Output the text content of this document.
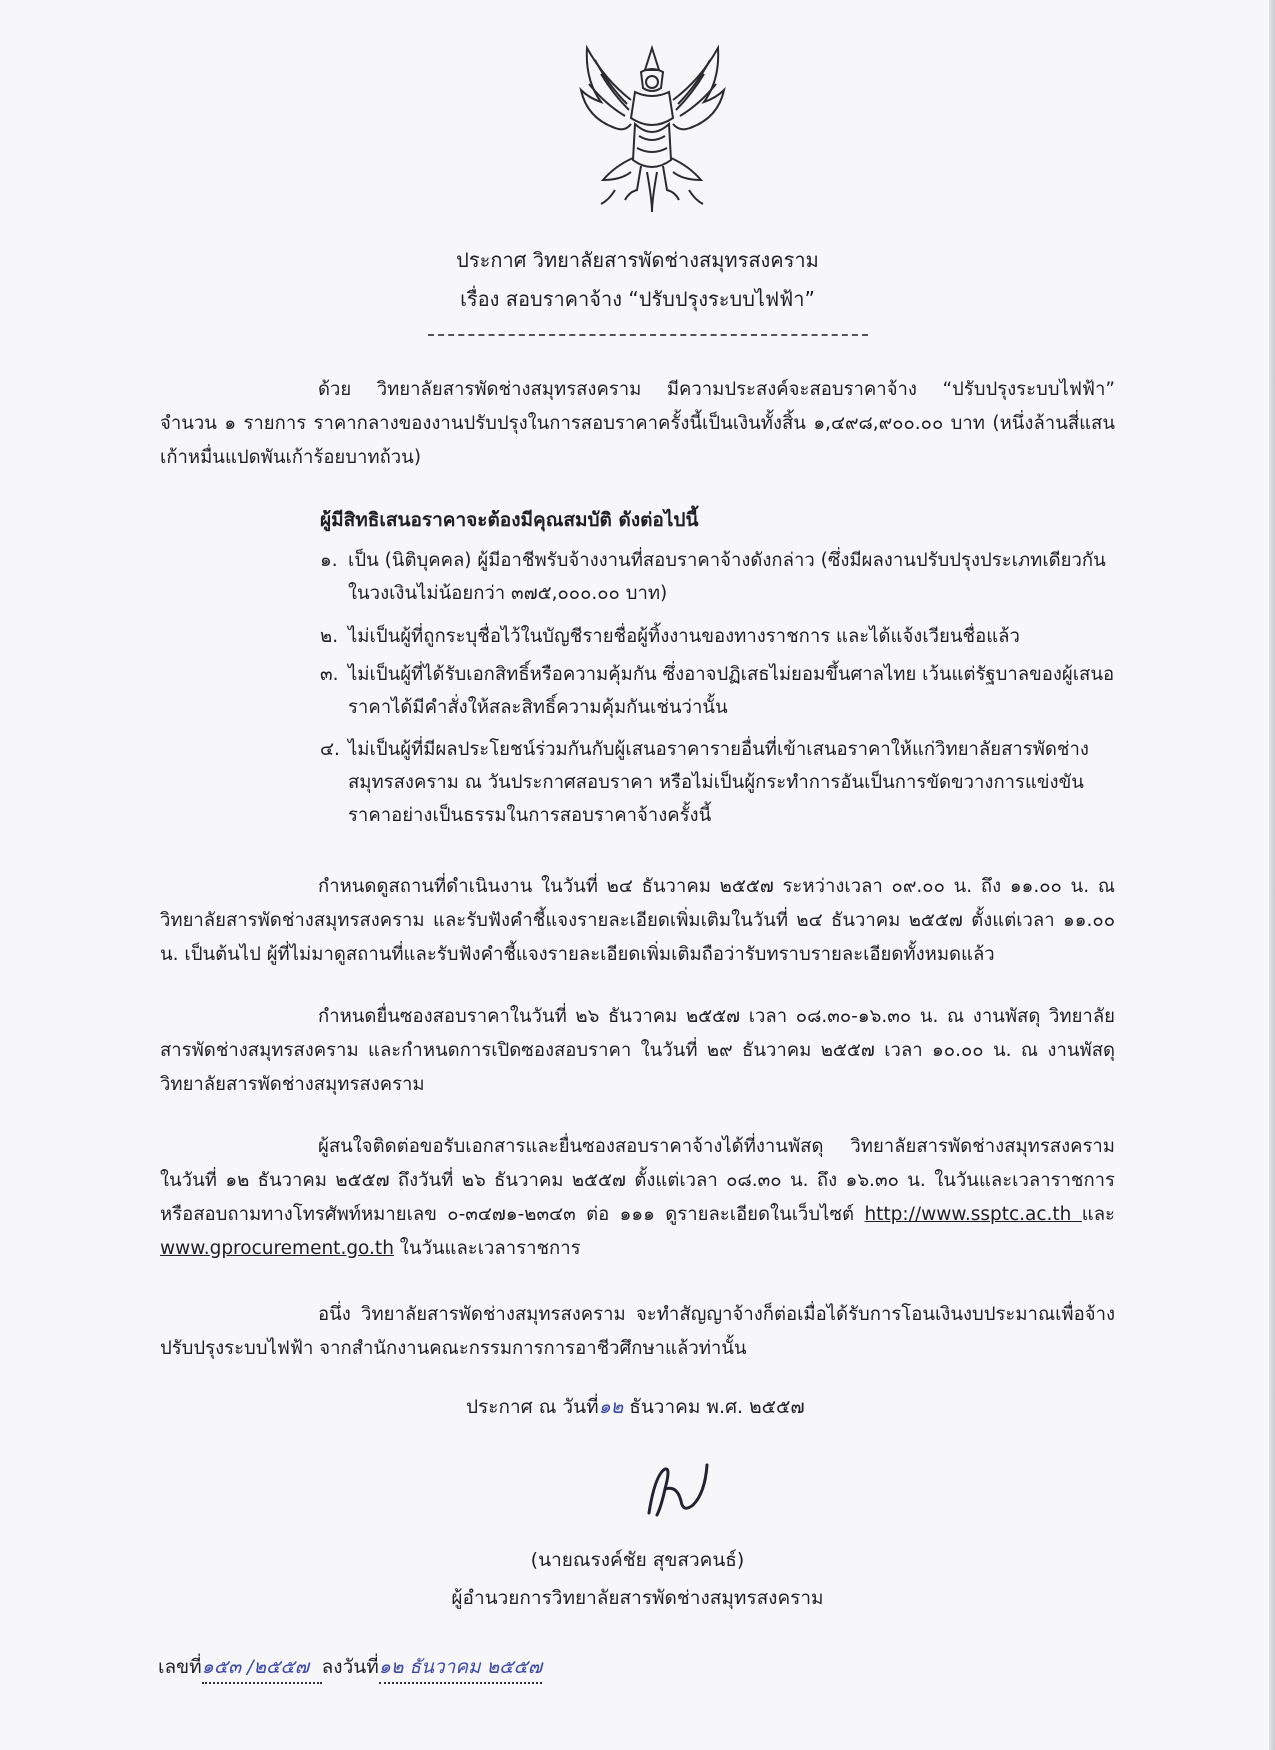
ประกาศ วิทยาลัยสารพัดช่างสมุทรสงคราม
เรื่อง สอบราคาจ้าง “ปรับปรุงระบบไฟฟ้า”
ด้วย วิทยาลัยสารพัดช่างสมุทรสงคราม มีความประสงค์จะสอบราคาจ้าง “ปรับปรุงระบบไฟฟ้า” จำนวน ๑ รายการ ราคากลางของงานปรับปรุงในการสอบราคาครั้งนี้เป็นเงินทั้งสิ้น ๑,๔๙๘,๙๐๐.๐๐ บาท (หนึ่งล้านสี่แสนเก้าหมื่นแปดพันเก้าร้อยบาทถ้วน)
ผู้มีสิทธิเสนอราคาจะต้องมีคุณสมบัติ ดังต่อไปนี้
๑. เป็น (นิติบุคคล) ผู้มีอาชีพรับจ้างงานที่สอบราคาจ้างดังกล่าว (ซึ่งมีผลงานปรับปรุงประเภทเดียวกันในวงเงินไม่น้อยกว่า ๓๗๕,๐๐๐.๐๐ บาท)
๒. ไม่เป็นผู้ที่ถูกระบุชื่อไว้ในบัญชีรายชื่อผู้ทิ้งงานของทางราชการ และได้แจ้งเวียนชื่อแล้ว
๓. ไม่เป็นผู้ที่ได้รับเอกสิทธิ์หรือความคุ้มกัน ซึ่งอาจปฏิเสธไม่ยอมขึ้นศาลไทย เว้นแต่รัฐบาลของผู้เสนอราคาได้มีคำสั่งให้สละสิทธิ์ความคุ้มกันเช่นว่านั้น
๔. ไม่เป็นผู้ที่มีผลประโยชน์ร่วมกันกับผู้เสนอราคารายอื่นที่เข้าเสนอราคาให้แก่วิทยาลัยสารพัดช่างสมุทรสงคราม ณ วันประกาศสอบราคา หรือไม่เป็นผู้กระทำการอันเป็นการขัดขวางการแข่งขันราคาอย่างเป็นธรรมในการสอบราคาจ้างครั้งนี้
กำหนดดูสถานที่ดำเนินงาน ในวันที่ ๒๔ ธันวาคม ๒๕๕๗ ระหว่างเวลา ๐๙.๐๐ น. ถึง ๑๑.๐๐ น. ณ วิทยาลัยสารพัดช่างสมุทรสงคราม และรับฟังคำชี้แจงรายละเอียดเพิ่มเติมในวันที่ ๒๔ ธันวาคม ๒๕๕๗ ตั้งแต่เวลา ๑๑.๐๐ น. เป็นต้นไป ผู้ที่ไม่มาดูสถานที่และรับฟังคำชี้แจงรายละเอียดเพิ่มเติมถือว่ารับทราบรายละเอียดทั้งหมดแล้ว
กำหนดยื่นซองสอบราคาในวันที่ ๒๖ ธันวาคม ๒๕๕๗ เวลา ๐๘.๓๐-๑๖.๓๐ น. ณ งานพัสดุ วิทยาลัยสารพัดช่างสมุทรสงคราม และกำหนดการเปิดซองสอบราคา ในวันที่ ๒๙ ธันวาคม ๒๕๕๗ เวลา ๑๐.๐๐ น. ณ งานพัสดุ วิทยาลัยสารพัดช่างสมุทรสงคราม
ผู้สนใจติดต่อขอรับเอกสารและยื่นซองสอบราคาจ้างได้ที่งานพัสดุ วิทยาลัยสารพัดช่างสมุทรสงคราม ในวันที่ ๑๒ ธันวาคม ๒๕๕๗ ถึงวันที่ ๒๖ ธันวาคม ๒๕๕๗ ตั้งแต่เวลา ๐๘.๓๐ น. ถึง ๑๖.๓๐ น. ในวันและเวลาราชการ หรือสอบถามทางโทรศัพท์หมายเลข ๐-๓๔๗๑-๒๓๔๓ ต่อ ๑๑๑ ดูรายละเอียดในเว็บไซต์ http://www.ssptc.ac.th และ www.gprocurement.go.th ในวันและเวลาราชการ
อนึ่ง วิทยาลัยสารพัดช่างสมุทรสงคราม จะทำสัญญาจ้างก็ต่อเมื่อได้รับการโอนเงินงบประมาณเพื่อจ้างปรับปรุงระบบไฟฟ้า จากสำนักงานคณะกรรมการการอาชีวศึกษาแล้วท่านั้น
ประกาศ ณ วันที่๑๒ ธันวาคม พ.ศ. ๒๕๕๗
(นายณรงค์ชัย สุขสวคนธ์)
ผู้อำนวยการวิทยาลัยสารพัดช่างสมุทรสงคราม
เลขที่๑๕๓ /๒๕๕๗ ลงวันที่๑๒ ธันวาคม ๒๕๕๗
